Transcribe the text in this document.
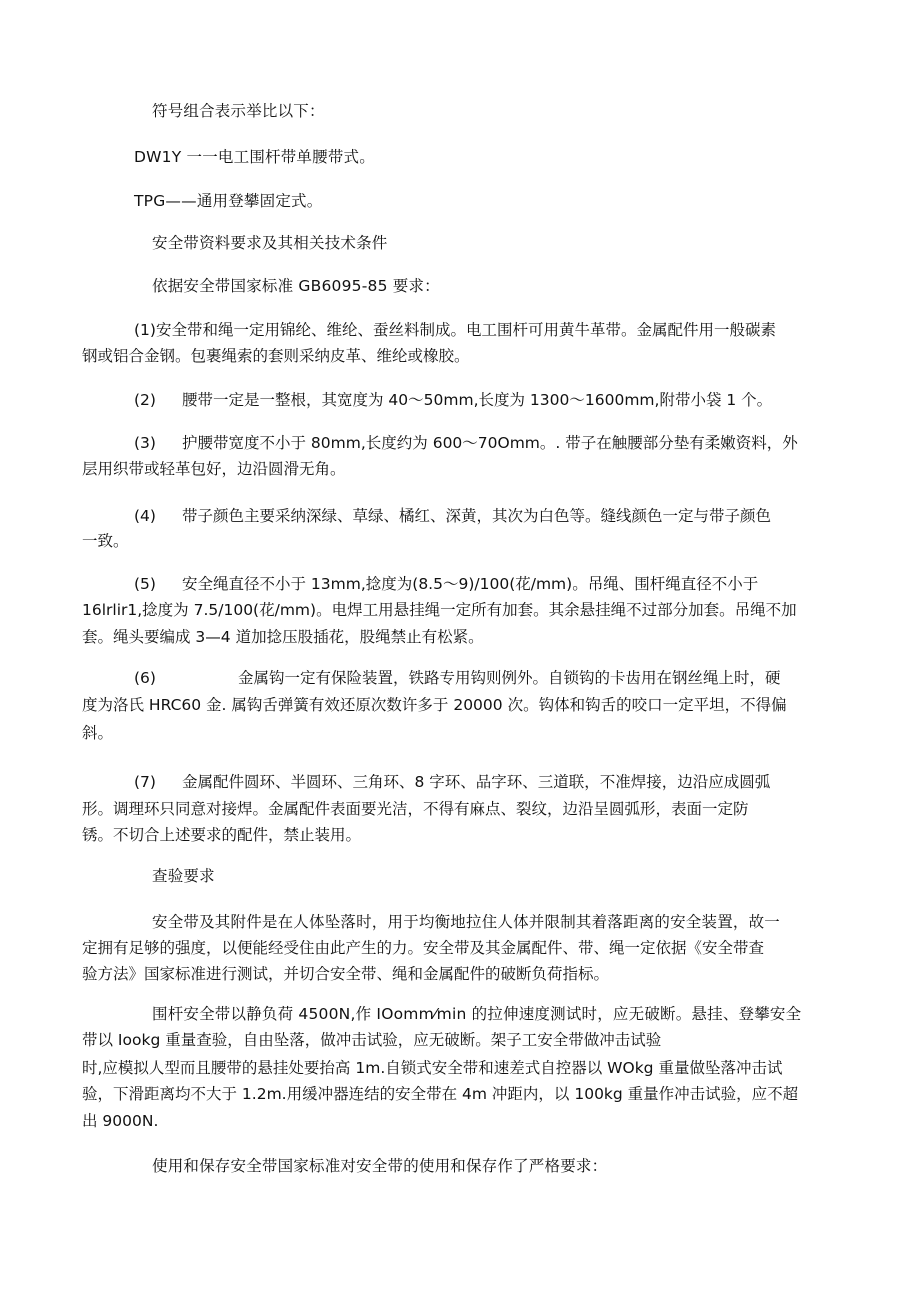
符号组合表示举比以下：
DW1Y 一一电工围杆带单腰带式。
TPG——通用登攀固定式。
安全带资料要求及其相关技术条件
依据安全带国家标准 GB6095-85 要求：
(1)安全带和绳一定用锦纶、维纶、蚕丝料制成。电工围杆可用黄牛革带。金属配件用一般碳素
钢或铝合金钢。包裹绳索的套则采纳皮革、维纶或橡胶。
(2) 腰带一定是一整根，其宽度为 40～50mm,长度为 1300～1600mm,附带小袋 1 个。
(3) 护腰带宽度不小于 80mm,长度约为 600～70Omm。. 带子在触腰部分垫有柔嫩资料，外
层用织带或轻革包好，边沿圆滑无角。
(4) 带子颜色主要采纳深绿、草绿、橘红、深黄，其次为白色等。缝线颜色一定与带子颜色
一致。
(5) 安全绳直径不小于 13mm,捻度为(8.5～9)/100(花/mm)。吊绳、围杆绳直径不小于
16lrlir1,捻度为 7.5/100(花/mm)。电焊工用悬挂绳一定所有加套。其余悬挂绳不过部分加套。吊绳不加
套。绳头要编成 3—4 道加捻压股插花，股绳禁止有松紧。
(6)	金属钩一定有保险装置，铁路专用钩则例外。自锁钩的卡齿用在钢丝绳上时，硬
度为洛氏 HRC60 金. 属钩舌弹簧有效还原次数许多于 20000 次。钩体和钩舌的咬口一定平坦，不得偏
斜。
(7) 金属配件圆环、半圆环、三角环、8 字环、品字环、三道联，不准焊接，边沿应成圆弧
形。调理环只同意对接焊。金属配件表面要光洁，不得有麻点、裂纹，边沿呈圆弧形，表面一定防
锈。不切合上述要求的配件，禁止装用。
查验要求
安全带及其附件是在人体坠落时，用于均衡地拉住人体并限制其着落距离的安全装置，故一
定拥有足够的强度，以便能经受住由此产生的力。安全带及其金属配件、带、绳一定依据《安全带查
验方法》国家标准进行测试，并切合安全带、绳和金属配件的破断负荷指标。
围杆安全带以静负荷 4500N,作 IOomm⁄min 的拉伸速度测试时，应无破断。悬挂、登攀安全
带以 Iookg 重量查验，自由坠落，做冲击试验，应无破断。架子工安全带做冲击试验
时,应模拟人型而且腰带的悬挂处要抬高 1m.自锁式安全带和速差式自控器以 WOkg 重量做坠落冲击试
验，下滑距离均不大于 1.2m.用缓冲器连结的安全带在 4m 冲距内，以 100kg 重量作冲击试验，应不超
出 9000N.
使用和保存安全带国家标准对安全带的使用和保存作了严格要求：
